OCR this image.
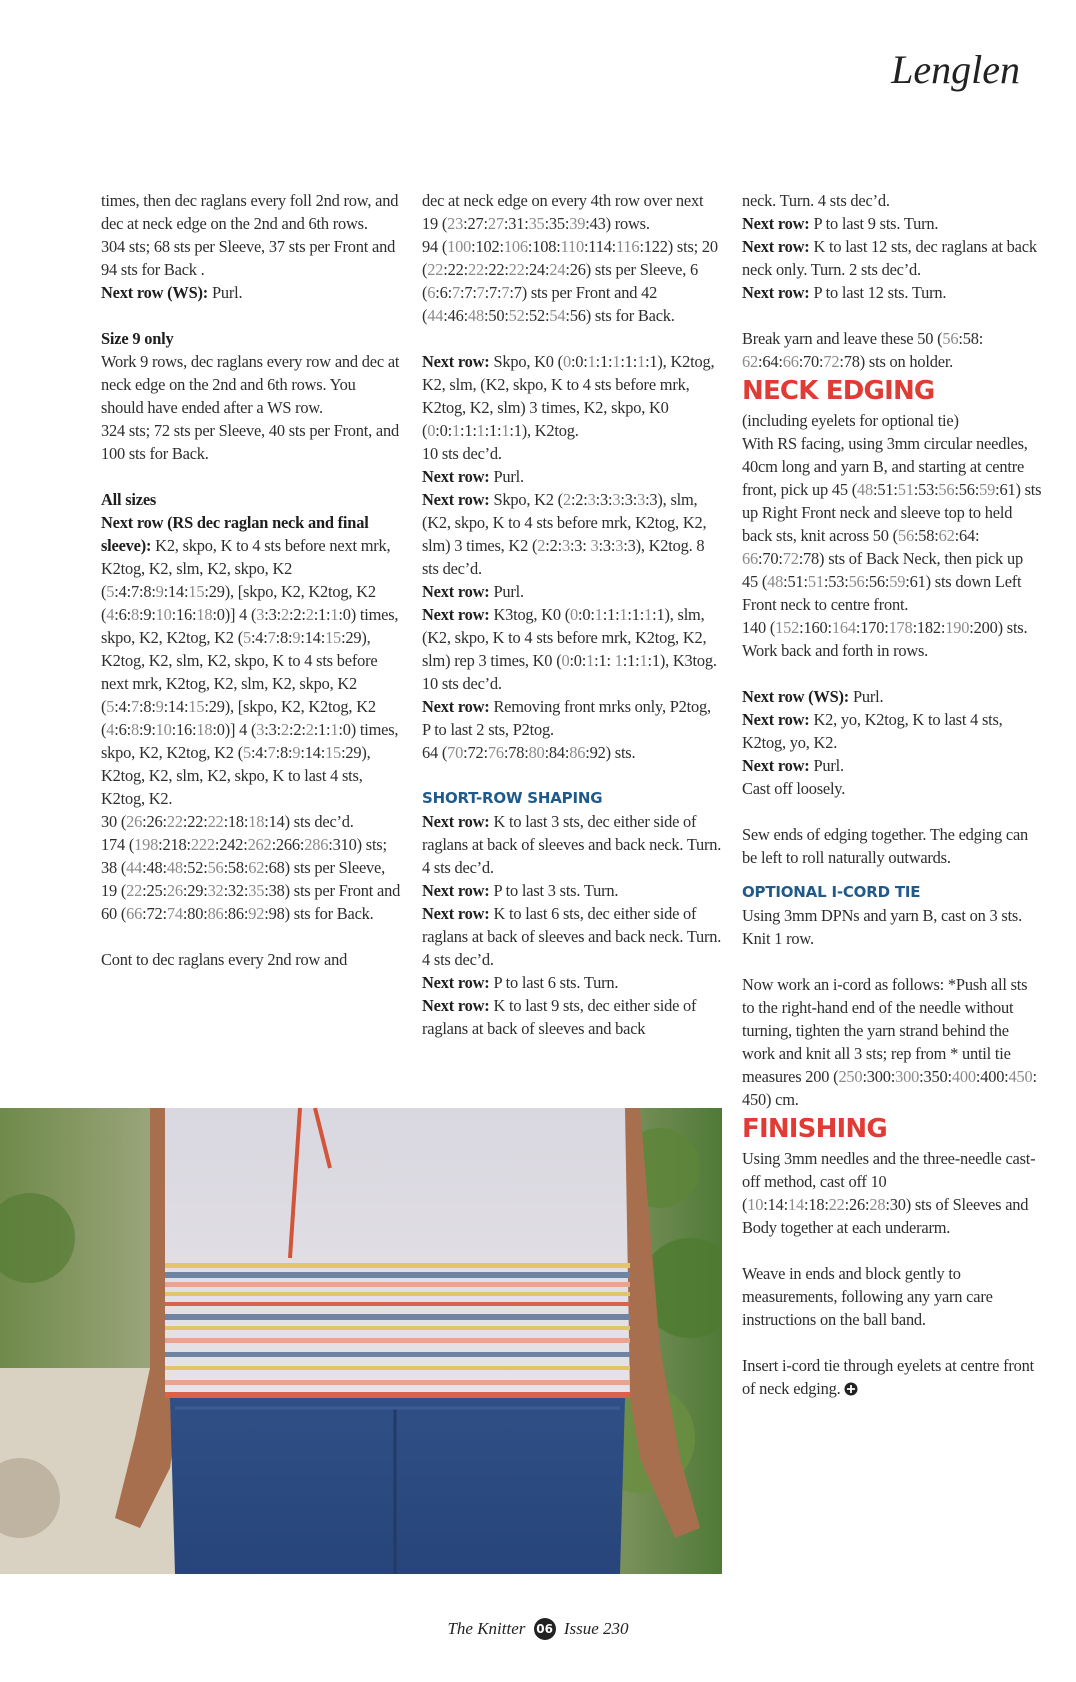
Lenglen

times, then dec raglans every foll 2nd row, and dec at neck edge on the 2nd and 6th rows.

304 sts; 68 sts per Sleeve, 37 sts per Front and 94 sts for Back .

Next row (WS): Purl.

Size 9 only

Work 9 rows, dec raglans every row and dec at neck edge on the 2nd and 6th rows. You should have ended after a WS row.

324 sts; 72 sts per Sleeve, 40 sts per Front, and 100 sts for Back.

All sizes

Next row (RS dec raglan neck and final sleeve): K2, skpo, K to 4 sts before next mrk, K2tog, K2, slm, K2, skpo, K2 (5:4:7:8:9:14:15:29), [skpo, K2, K2tog, K2 (4:6:8:9:10:16:18:0)] 4 (3:3:2:2:2:1:1:0) times, skpo, K2, K2tog, K2 (5:4:7:8:9:14:15:29), K2tog, K2, slm, K2, skpo, K to 4 sts before next mrk, K2tog, K2, slm, K2, skpo, K2 (5:4:7:8:9:14:15:29), [skpo, K2, K2tog, K2 (4:6:8:9:10:16:18:0)] 4 (3:3:2:2:2:1:1:0) times, skpo, K2, K2tog, K2 (5:4:7:8:9:14:15:29), K2tog, K2, slm, K2, skpo, K to last 4 sts, K2tog, K2.

30 (26:26:22:22:22:18:18:14) sts dec’d.

174 (198:218:222:242:262:266:286:310) sts; 38 (44:48:48:52:56:58:62:68) sts per Sleeve, 19 (22:25:26:29:32:32:35:38) sts per Front and 60 (66:72:74:80:86:86:92:98) sts for Back.

Cont to dec raglans every 2nd row and

dec at neck edge on every 4th row over next 19 (23:27:27:31:35:35:39:43) rows.

94 (100:102:106:108:110:114:116:122) sts; 20 (22:22:22:22:22:24:24:26) sts per Sleeve, 6 (6:6:7:7:7:7:7:7) sts per Front and 42 (44:46:48:50:52:52:54:56) sts for Back.

Next row: Skpo, K0 (0:0:1:1:1:1:1:1), K2tog, K2, slm, (K2, skpo, K to 4 sts before mrk, K2tog, K2, slm) 3 times, K2, skpo, K0 (0:0:1:1:1:1:1:1), K2tog.

10 sts dec’d.

Next row: Purl.

Next row: Skpo, K2 (2:2:3:3:3:3:3:3), slm, (K2, skpo, K to 4 sts before mrk, K2tog, K2, slm) 3 times, K2 (2:2:3:3: 3:3:3:3), K2tog. 8 sts dec’d.

Next row: Purl.

Next row: K3tog, K0 (0:0:1:1:1:1:1:1), slm, (K2, skpo, K to 4 sts before mrk, K2tog, K2, slm) rep 3 times, K0 (0:0:1:1: 1:1:1:1), K3tog. 10 sts dec’d.

Next row: Removing front mrks only, P2tog, P to last 2 sts, P2tog.

64 (70:72:76:78:80:84:86:92) sts.

SHORT-ROW SHAPING

Next row: K to last 3 sts, dec either side of raglans at back of sleeves and back neck. Turn. 4 sts dec’d.

Next row: P to last 3 sts. Turn.

Next row: K to last 6 sts, dec either side of raglans at back of sleeves and back neck. Turn. 4 sts dec’d.

Next row: P to last 6 sts. Turn.

Next row: K to last 9 sts, dec either side of raglans at back of sleeves and back

neck. Turn. 4 sts dec’d.

Next row: P to last 9 sts. Turn.

Next row: K to last 12 sts, dec raglans at back neck only. Turn. 2 sts dec’d.

Next row: P to last 12 sts. Turn.

Break yarn and leave these 50 (56:58: 62:64:66:70:72:78) sts on holder.

NECK EDGING

(including eyelets for optional tie)

With RS facing, using 3mm circular needles, 40cm long and yarn B, and starting at centre front, pick up 45 (48:51:51:53:56:56:59:61) sts up Right Front neck and sleeve top to held back sts, knit across 50 (56:58:62:64: 66:70:72:78) sts of Back Neck, then pick up 45 (48:51:51:53:56:56:59:61) sts down Left Front neck to centre front.

140 (152:160:164:170:178:182:190:200) sts.

Work back and forth in rows.

Next row (WS): Purl.

Next row: K2, yo, K2tog, K to last 4 sts, K2tog, yo, K2.

Next row: Purl.

Cast off loosely.

Sew ends of edging together. The edging can be left to roll naturally outwards.

OPTIONAL I-CORD TIE

Using 3mm DPNs and yarn B, cast on 3 sts.

Knit 1 row.

Now work an i-cord as follows: *Push all sts to the right-hand end of the needle without turning, tighten the yarn strand behind the work and knit all 3 sts; rep from * until tie measures 200 (250:300:300:350:400:400:450: 450) cm.

FINISHING

Using 3mm needles and the three-needle cast-off method, cast off 10 (10:14:14:18:22:26:28:30) sts of Sleeves and Body together at each underarm.

Weave in ends and block gently to measurements, following any yarn care instructions on the ball band.

Insert i-cord tie through eyelets at centre front of neck edging.

The Knitter 06 Issue 230
